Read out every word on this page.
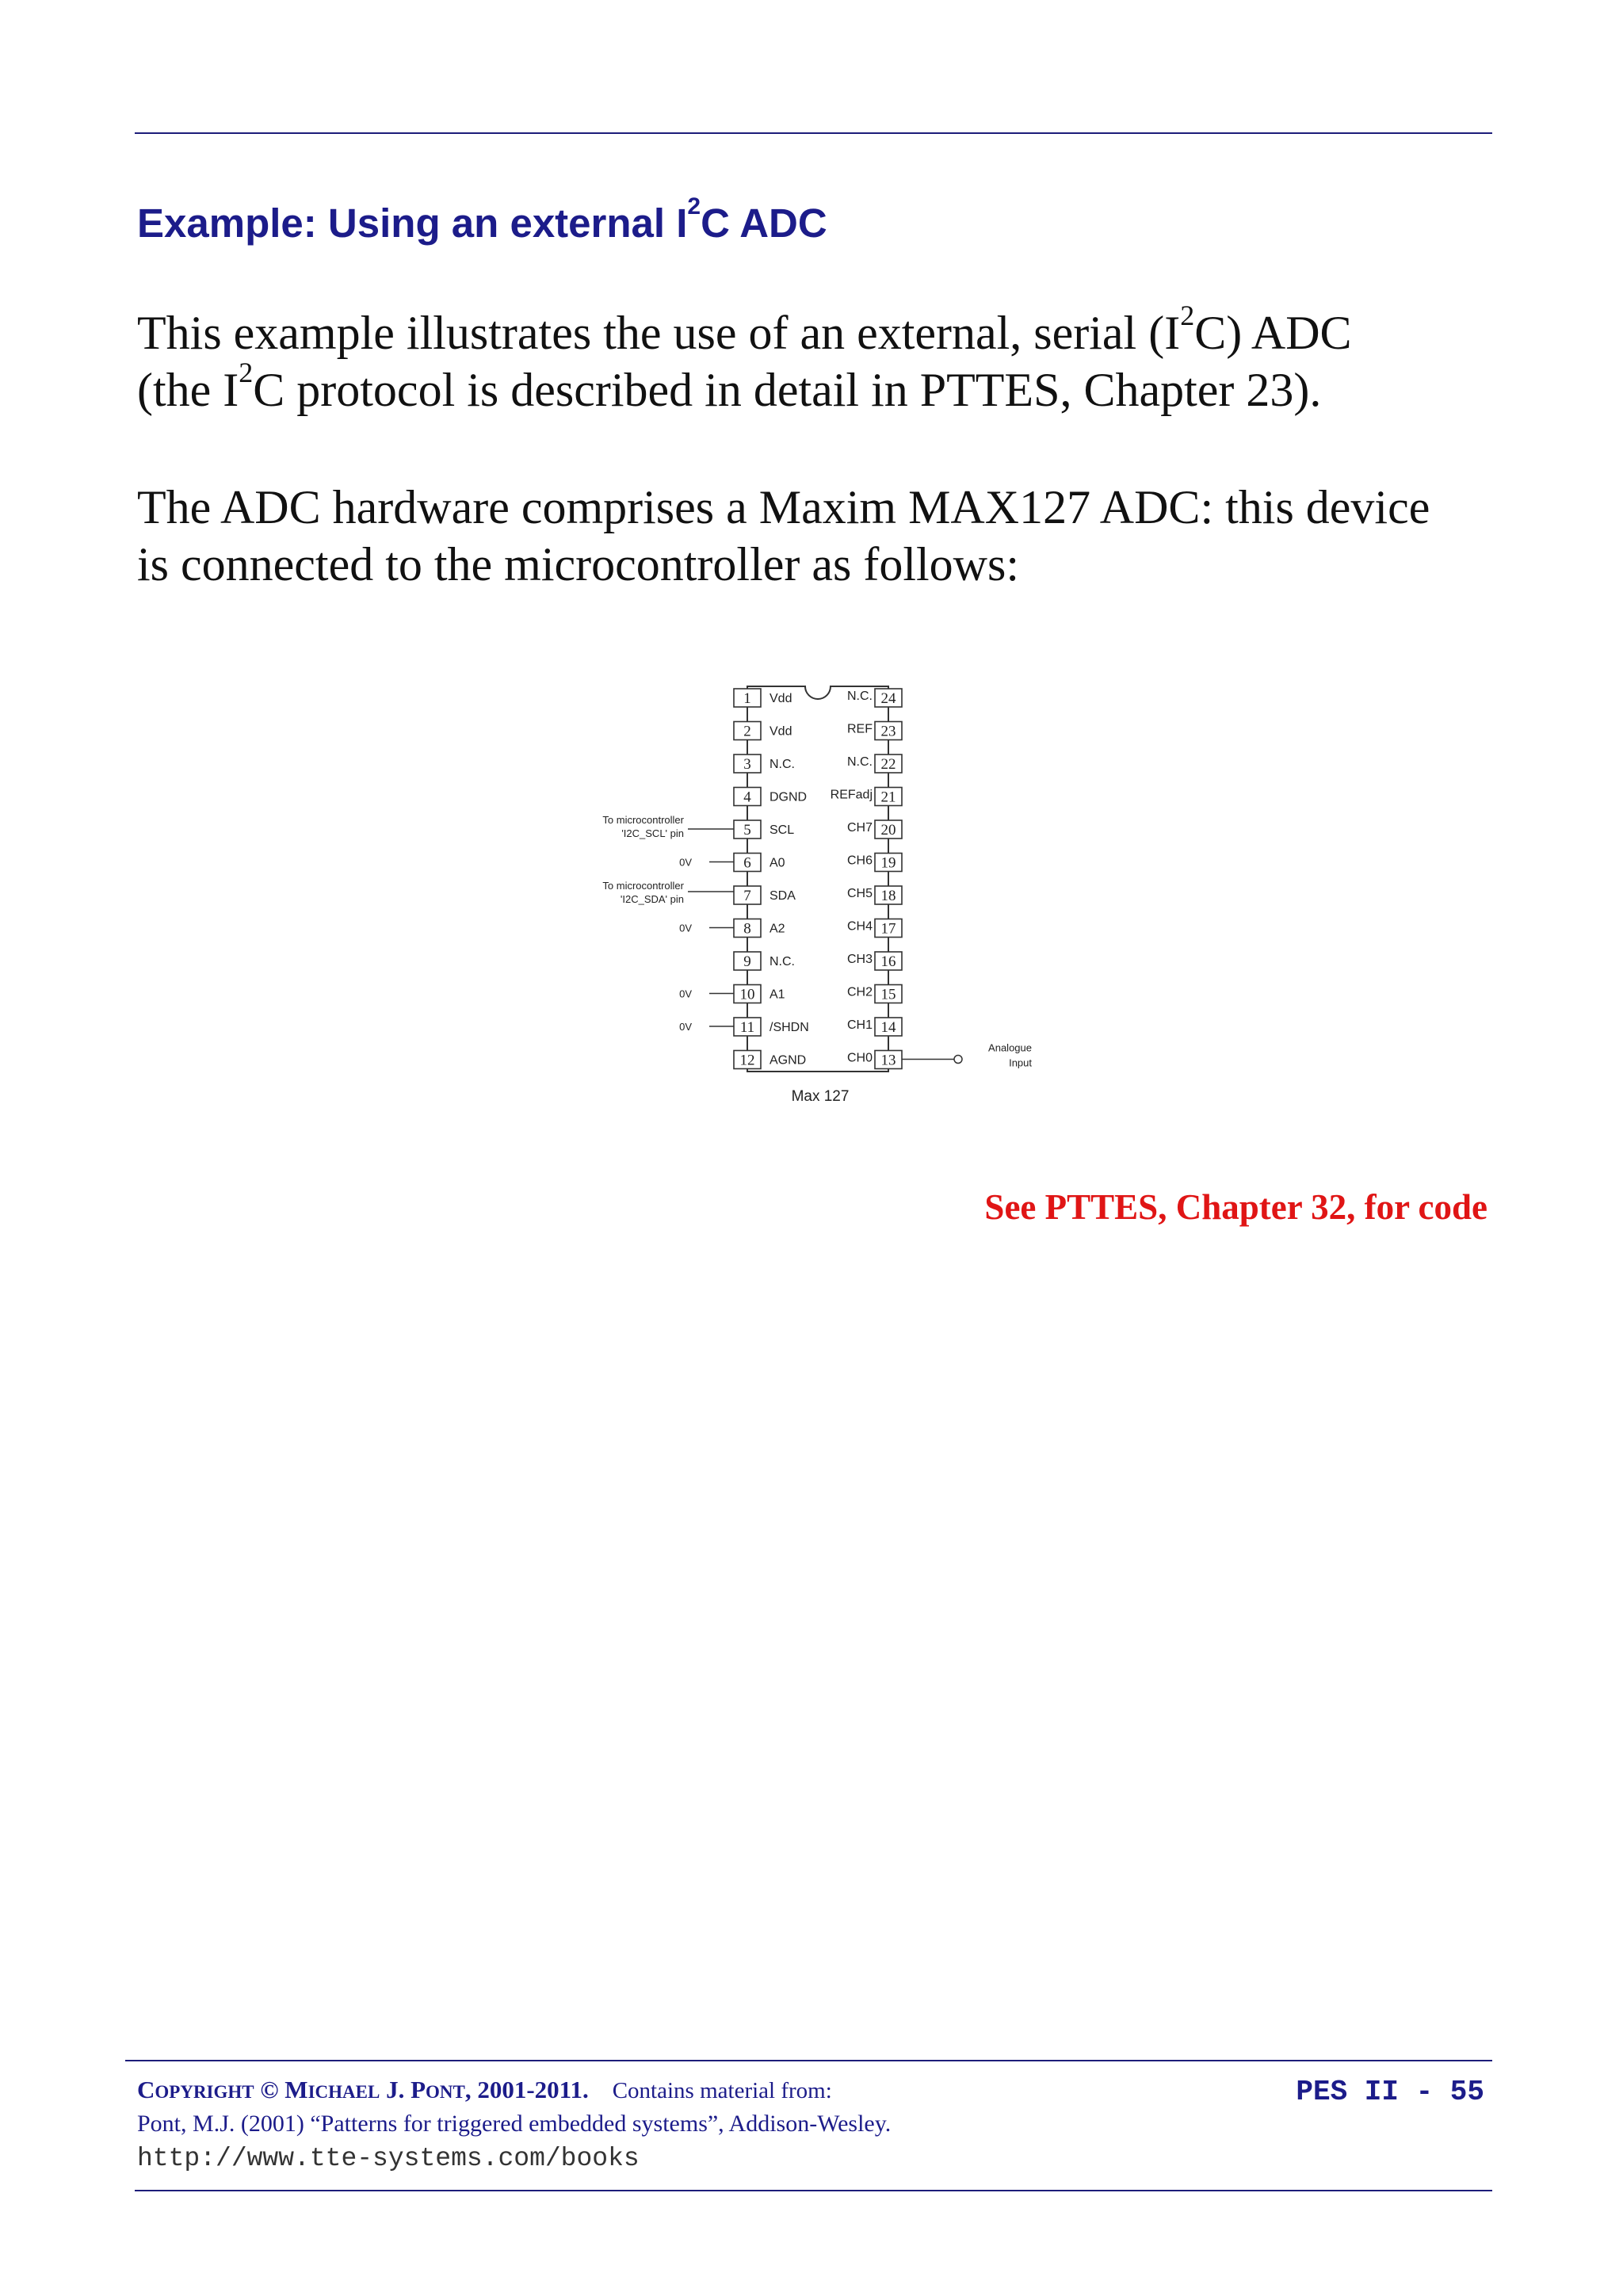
Example: Using an external $I^2C$ ADC

This example illustrates the use of an external, serial $(I^2C)$ ADC
(the $I^2C$ protocol is described in detail in PTTES, Chapter 23).

The ADC hardware comprises a Maxim MAX127 ADC: this device
is connected to the microcontroller as follows:

1 Vdd
2 Vdd
3 N.C.
4 DGND
5 SCL
6 A0
7 SDA
8 A2
9 N.C.
10 A1
11 /SHDN
12 AGND
24
N.C.
23
REF
22
N.C.
21
REFadj
20
CH7
19
CH6
18
CH5
17
CH4
16
CH3
15
CH2
14
CH1
13
CH0
To microcontroller
'I2C_SCL' pin
To microcontroller
'I2C_SDA' pin
0V
0V
0V
0V
Analogue
Input
Max 127

See PTTES, Chapter 32, for code

COPYRIGHT © MICHAEL J. PONT, 2001-2011. Contains material from:	PES II - 55
Pont, M.J. (2001) “Patterns for triggered embedded systems”, Addison-Wesley.
http://www.tte-systems.com/books
